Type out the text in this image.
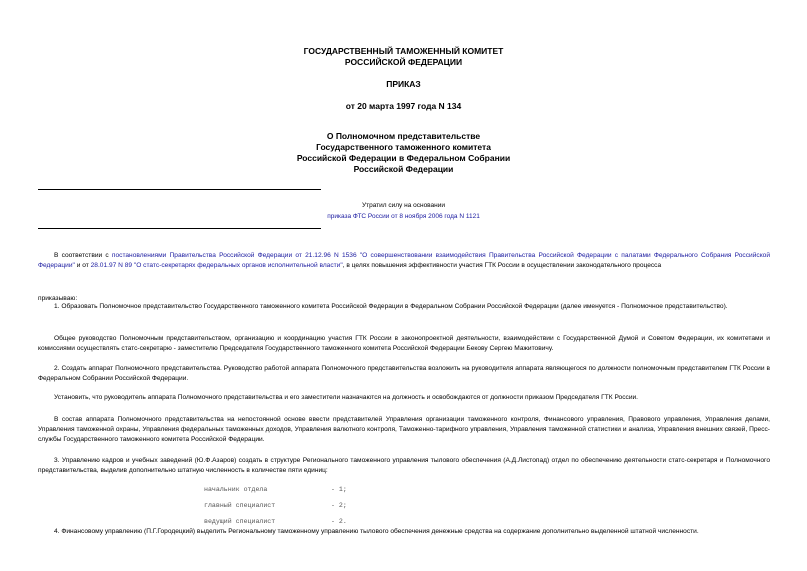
ГОСУДАРСТВЕННЫЙ ТАМОЖЕННЫЙ КОМИТЕТ
РОССИЙСКОЙ ФЕДЕРАЦИИ
ПРИКАЗ
от 20 марта 1997 года N 134
О Полномочном представительстве
Государственного таможенного комитета
Российской Федерации в Федеральном Собрании
Российской Федерации
Утратил силу на основании
приказа ФТС России от 8 ноября 2006 года N 1121

В соответствии с постановлениями Правительства Российской Федерации от 21.12.96 N 1536 "О совершенствовании взаимодействия Правительства Российской Федерации с палатами Федерального Собрания Российской Федерации" и от 28.01.97 N 89 "О статс-секретарях федеральных органов исполнительной власти", в целях повышения эффективности участия ГТК России в осуществлении законодательного процесса

приказываю:

1. Образовать Полномочное представительство Государственного таможенного комитета Российской Федерации в Федеральном Собрании Российской Федерации (далее именуется - Полномочное представительство).

Общее руководство Полномочным представительством, организацию и координацию участия ГТК России в законопроектной деятельности, взаимодействии с Государственной Думой и Советом Федерации, их комитетами и комиссиями осуществлять статс-секретарю - заместителю Председателя Государственного таможенного комитета Российской Федерации Бекову Сергею Мажитовичу.

2. Создать аппарат Полномочного представительства. Руководство работой аппарата Полномочного представительства возложить на руководителя аппарата являющегося по должности полномочным представителем ГТК России в Федеральном Собрании Российской Федерации.

Установить, что руководитель аппарата Полномочного представительства и его заместители назначаются на должность и освобождаются от должности приказом Председателя ГТК России.

В состав аппарата Полномочного представительства на непостоянной основе ввести представителей Управления организации таможенного контроля, Финансового управления, Правового управления, Управления делами, Управления таможенной охраны, Управления федеральных таможенных доходов, Управления валютного контроля, Таможенно-тарифного управления, Управления таможенной статистики и анализа, Управления внешних связей, Пресс-службы Государственного таможенного комитета Российской Федерации.

3. Управлению кадров и учебных заведений (Ю.Ф.Азаров) создать в структуре Регионального таможенного управления тылового обеспечения (А.Д.Листопад) отдел по обеспечению деятельности статс-секретаря и Полномочного представительства, выделив дополнительно штатную численность в количестве пяти единиц:

начальник отдела	- 1;
главный специалист	- 2;
ведущий специалист	- 2.

4. Финансовому управлению (П.Г.Городецкий) выделить Региональному таможенному управлению тылового обеспечения денежные средства на содержание дополнительно выделенной штатной численности.
